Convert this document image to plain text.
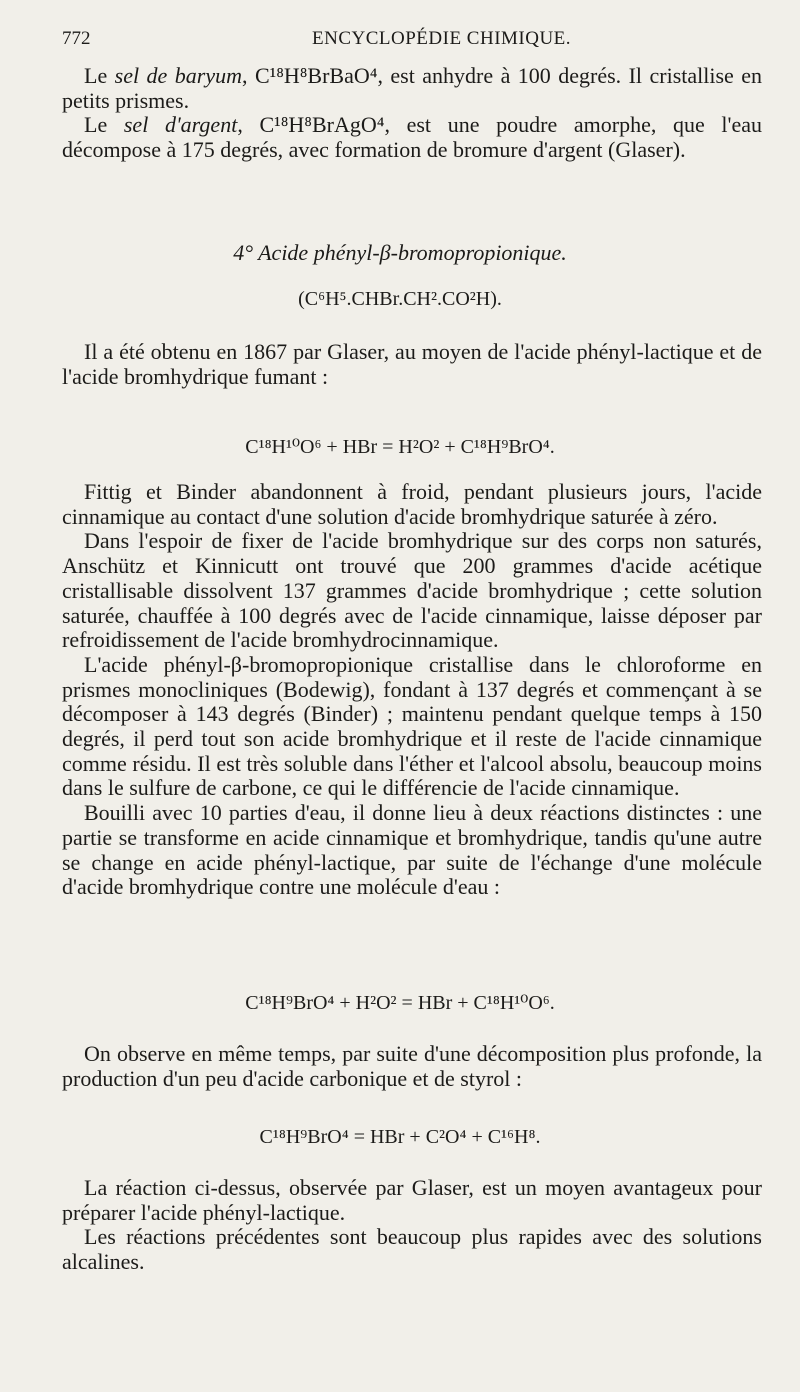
772	ENCYCLOPÉDIE CHIMIQUE.

Le sel de baryum, C¹⁸H⁸BrBaO⁴, est anhydre à 100 degrés. Il cristallise en petits prismes.

Le sel d'argent, C¹⁸H⁸BrAgO⁴, est une poudre amorphe, que l'eau décompose à 175 degrés, avec formation de bromure d'argent (Glaser).

4° Acide phényl-β-bromopropionique.
(C⁶H⁵.CHBr.CH².CO²H).

Il a été obtenu en 1867 par Glaser, au moyen de l'acide phényl-lactique et de l'acide bromhydrique fumant :

C¹⁸H¹⁰O⁶ + HBr = H²O² + C¹⁸H⁹BrO⁴.

Fittig et Binder abandonnent à froid, pendant plusieurs jours, l'acide cinnamique au contact d'une solution d'acide bromhydrique saturée à zéro.

Dans l'espoir de fixer de l'acide bromhydrique sur des corps non saturés, Anschütz et Kinnicutt ont trouvé que 200 grammes d'acide acétique cristallisable dissolvent 137 grammes d'acide bromhydrique ; cette solution saturée, chauffée à 100 degrés avec de l'acide cinnamique, laisse déposer par refroidissement de l'acide bromhydrocinnamique.

L'acide phényl-β-bromopropionique cristallise dans le chloroforme en prismes monocliniques (Bodewig), fondant à 137 degrés et commençant à se décomposer à 143 degrés (Binder) ; maintenu pendant quelque temps à 150 degrés, il perd tout son acide bromhydrique et il reste de l'acide cinnamique comme résidu. Il est très soluble dans l'éther et l'alcool absolu, beaucoup moins dans le sulfure de carbone, ce qui le différencie de l'acide cinnamique.

Bouilli avec 10 parties d'eau, il donne lieu à deux réactions distinctes : une partie se transforme en acide cinnamique et bromhydrique, tandis qu'une autre se change en acide phényl-lactique, par suite de l'échange d'une molécule d'acide bromhydrique contre une molécule d'eau :

C¹⁸H⁹BrO⁴ + H²O² = HBr + C¹⁸H¹⁰O⁶.

On observe en même temps, par suite d'une décomposition plus profonde, la production d'un peu d'acide carbonique et de styrol :

C¹⁸H⁹BrO⁴ = HBr + C²O⁴ + C¹⁶H⁸.

La réaction ci-dessus, observée par Glaser, est un moyen avantageux pour préparer l'acide phényl-lactique.

Les réactions précédentes sont beaucoup plus rapides avec des solutions alcalines.
